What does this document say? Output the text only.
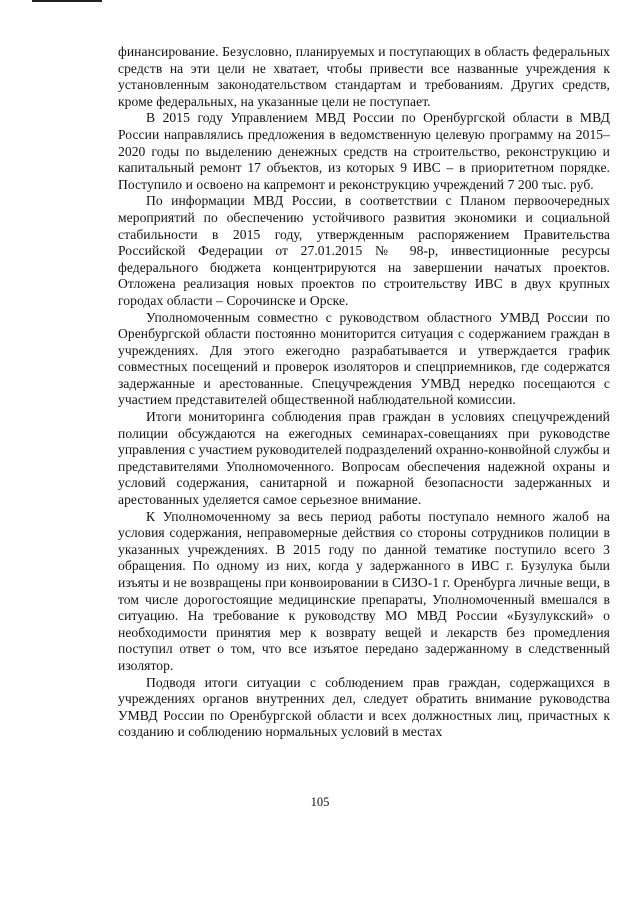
финансирование. Безусловно, планируемых и поступающих в область федеральных средств на эти цели не хватает, чтобы привести все названные учреждения к установленным законодательством стандартам и требованиям. Других средств, кроме федеральных, на указанные цели не поступает.

В 2015 году Управлением МВД России по Оренбургской области в МВД России направлялись предложения в ведомственную целевую программу на 2015–2020 годы по выделению денежных средств на строительство, реконструкцию и капитальный ремонт 17 объектов, из которых 9 ИВС – в приоритетном порядке. Поступило и освоено на капремонт и реконструкцию учреждений 7 200 тыс. руб.

По информации МВД России, в соответствии с Планом первоочередных мероприятий по обеспечению устойчивого развития экономики и социальной стабильности в 2015 году, утвержденным распоряжением Правительства Российской Федерации от 27.01.2015 № 98-р, инвестиционные ресурсы федерального бюджета концентрируются на завершении начатых проектов. Отложена реализация новых проектов по строительству ИВС в двух крупных городах области – Сорочинске и Орске.

Уполномоченным совместно с руководством областного УМВД России по Оренбургской области постоянно мониторится ситуация с содержанием граждан в учреждениях. Для этого ежегодно разрабатывается и утверждается график совместных посещений и проверок изоляторов и спецприемников, где содержатся задержанные и арестованные. Спецучреждения УМВД нередко посещаются с участием представителей общественной наблюдательной комиссии.

Итоги мониторинга соблюдения прав граждан в условиях спецучреждений полиции обсуждаются на ежегодных семинарах-совещаниях при руководстве управления с участием руководителей подразделений охранно-конвойной службы и представителями Уполномоченного. Вопросам обеспечения надежной охраны и условий содержания, санитарной и пожарной безопасности задержанных и арестованных уделяется самое серьезное внимание.

К Уполномоченному за весь период работы поступало немного жалоб на условия содержания, неправомерные действия со стороны сотрудников полиции в указанных учреждениях. В 2015 году по данной тематике поступило всего 3 обращения. По одному из них, когда у задержанного в ИВС г. Бузулука были изъяты и не возвращены при конвоировании в СИЗО-1 г. Оренбурга личные вещи, в том числе дорогостоящие медицинские препараты, Уполномоченный вмешался в ситуацию. На требование к руководству МО МВД России «Бузулукский» о необходимости принятия мер к возврату вещей и лекарств без промедления поступил ответ о том, что все изъятое передано задержанному в следственный изолятор.

Подводя итоги ситуации с соблюдением прав граждан, содержащихся в учреждениях органов внутренних дел, следует обратить внимание руководства УМВД России по Оренбургской области и всех должностных лиц, причастных к созданию и соблюдению нормальных условий в местах

105
